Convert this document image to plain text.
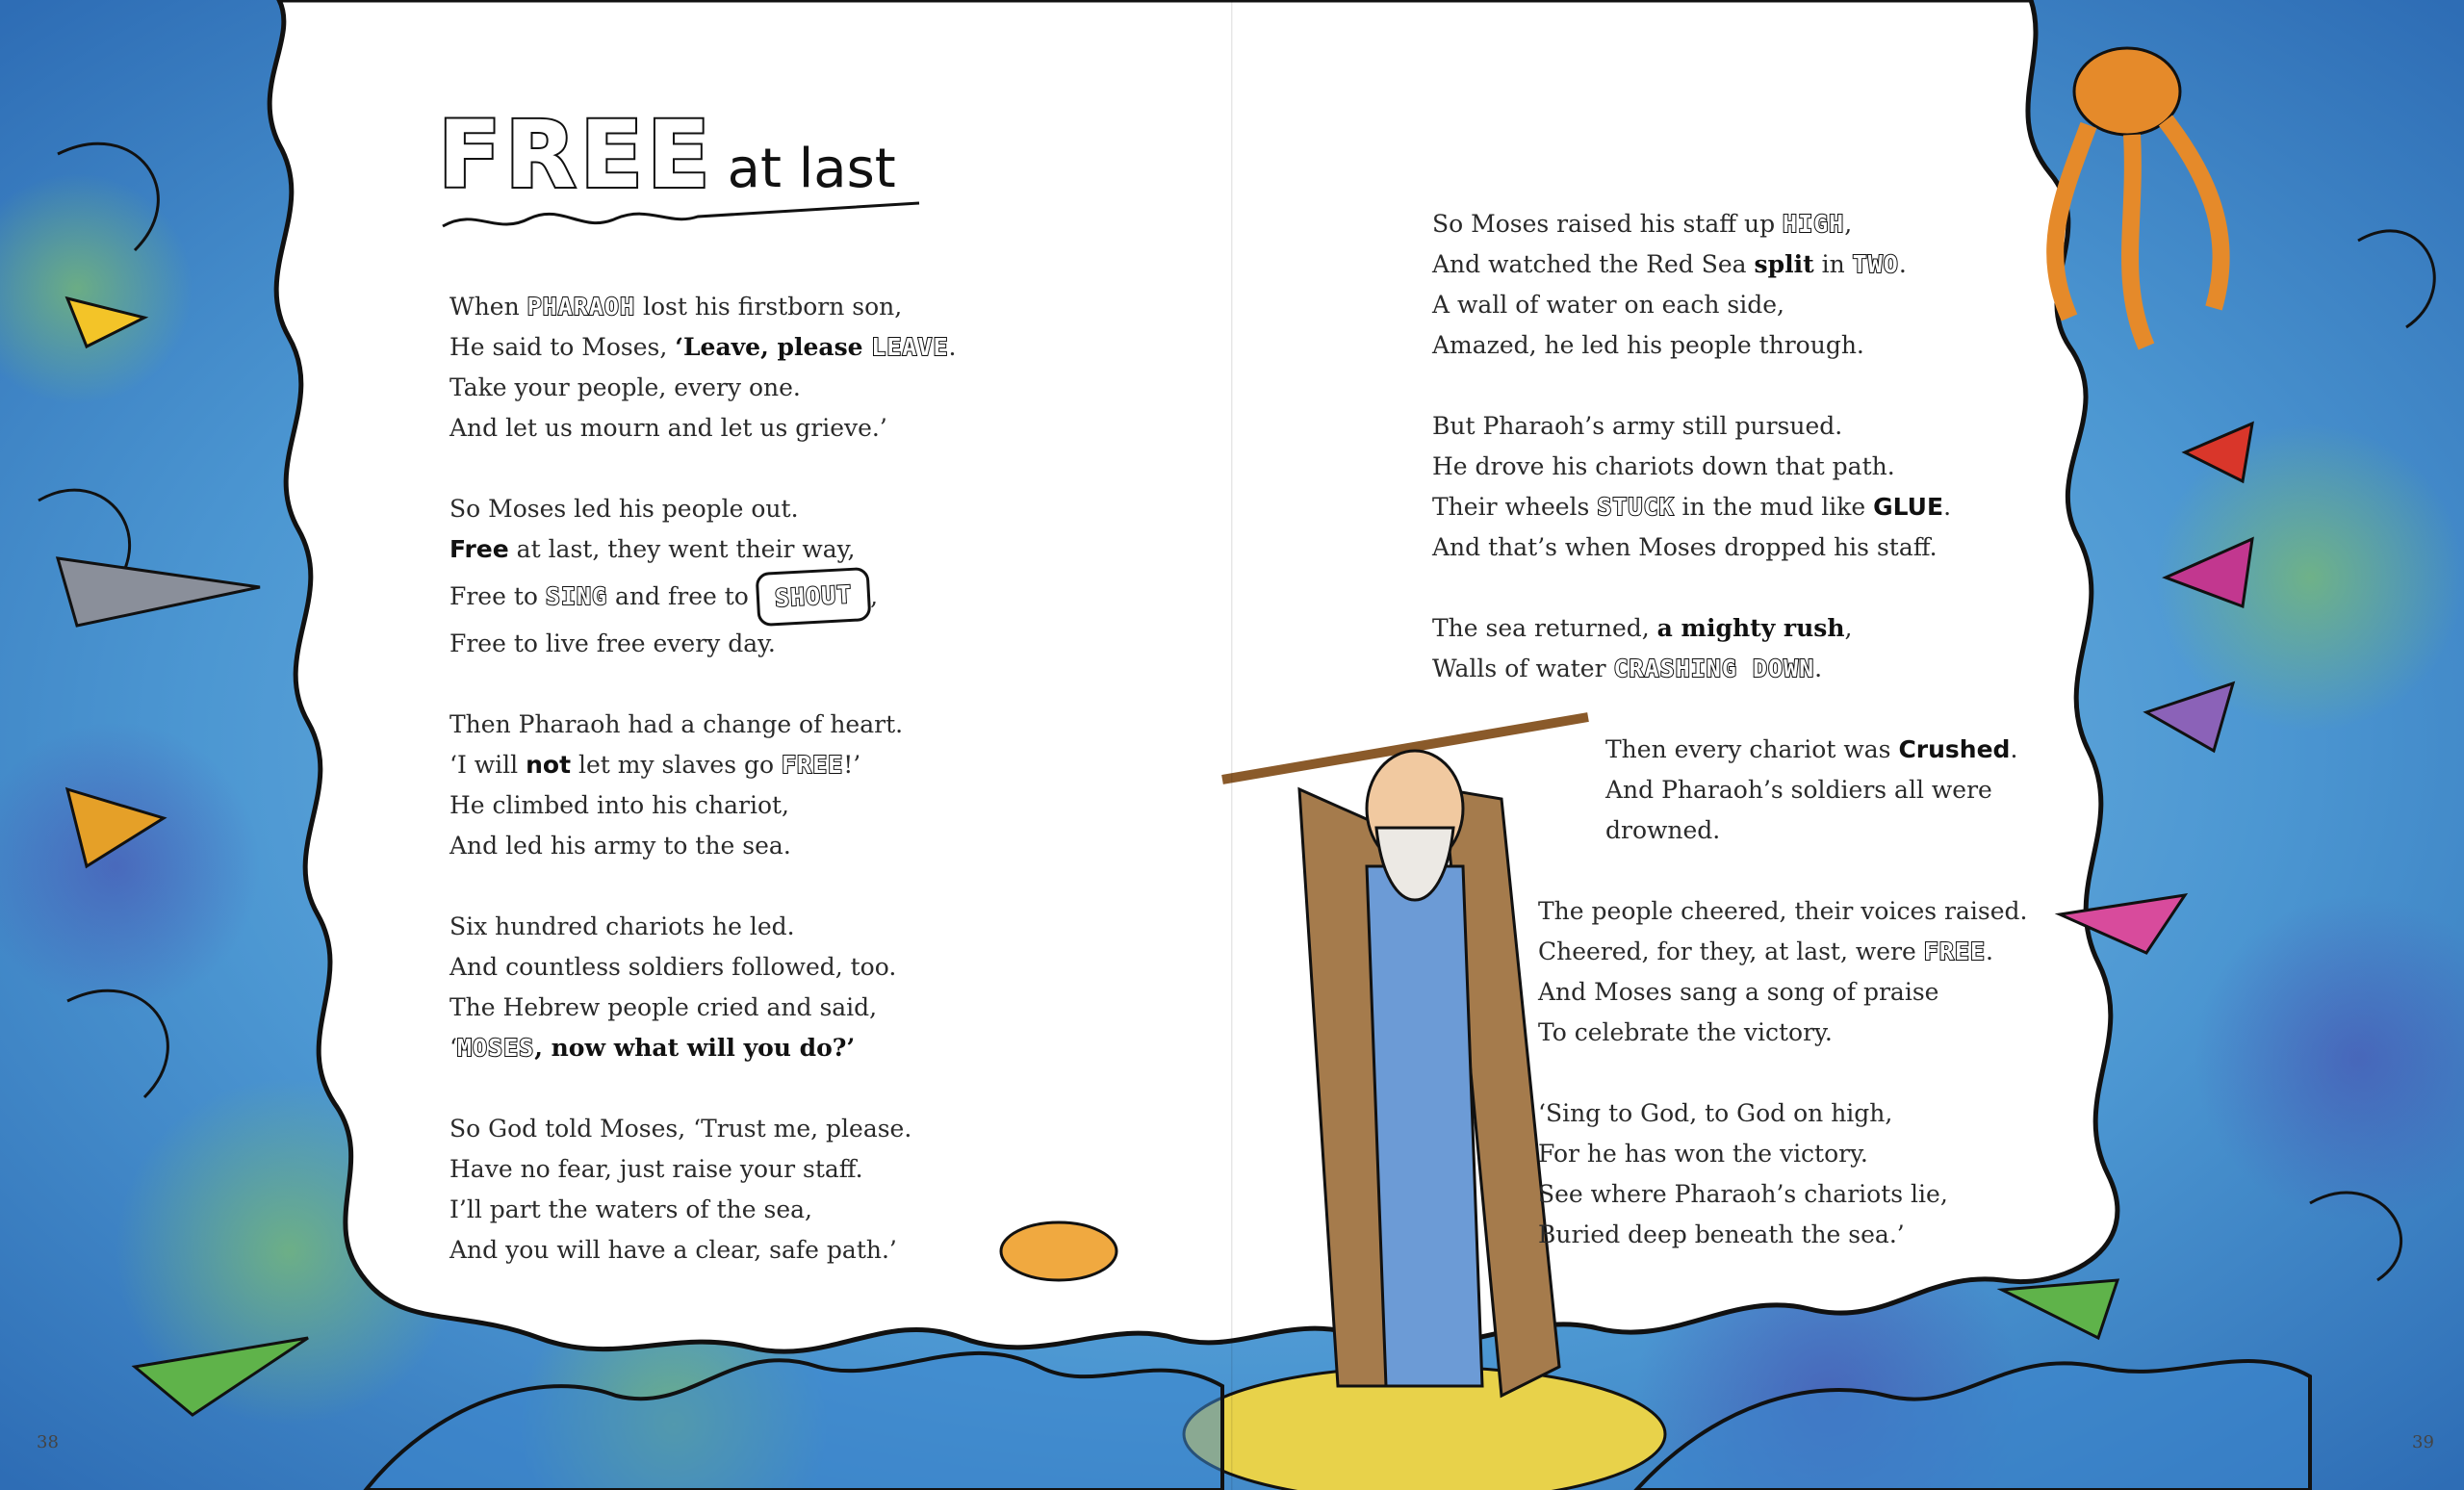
FREE at last
When PHARAOH lost his firstborn son,
He said to Moses, ‘Leave, please LEAVE.
Take your people, every one.
And let us mourn and let us grieve.’
So Moses led his people out.
Free at last, they went their way,
Free to SING and free to SHOUT ,
Free to live free every day.
Then Pharaoh had a change of heart.
‘I will not let my slaves go FREE!’
He climbed into his chariot,
And led his army to the sea.
Six hundred chariots he led.
And countless soldiers followed, too.
The Hebrew people cried and said,
‘MOSES, now what will you do?’
So God told Moses, ‘Trust me, please.
Have no fear, just raise your staff.
I’ll part the waters of the sea,
And you will have a clear, safe path.’
So Moses raised his staff up HIGH,
And watched the Red Sea split in TWO.
A wall of water on each side,
Amazed, he led his people through.
But Pharaoh’s army still pursued.
He drove his chariots down that path.
Their wheels STUCK in the mud like GLUE.
And that’s when Moses dropped his staff.
The sea returned, a mighty rush,
Walls of water CRASHING DOWN.
Then every chariot was Crushed.
And Pharaoh’s soldiers all were
drowned.
The people cheered, their voices raised.
Cheered, for they, at last, were FREE.
And Moses sang a song of praise
To celebrate the victory.
‘Sing to God, to God on high,
For he has won the victory.
See where Pharaoh’s chariots lie,
Buried deep beneath the sea.’
38	39
